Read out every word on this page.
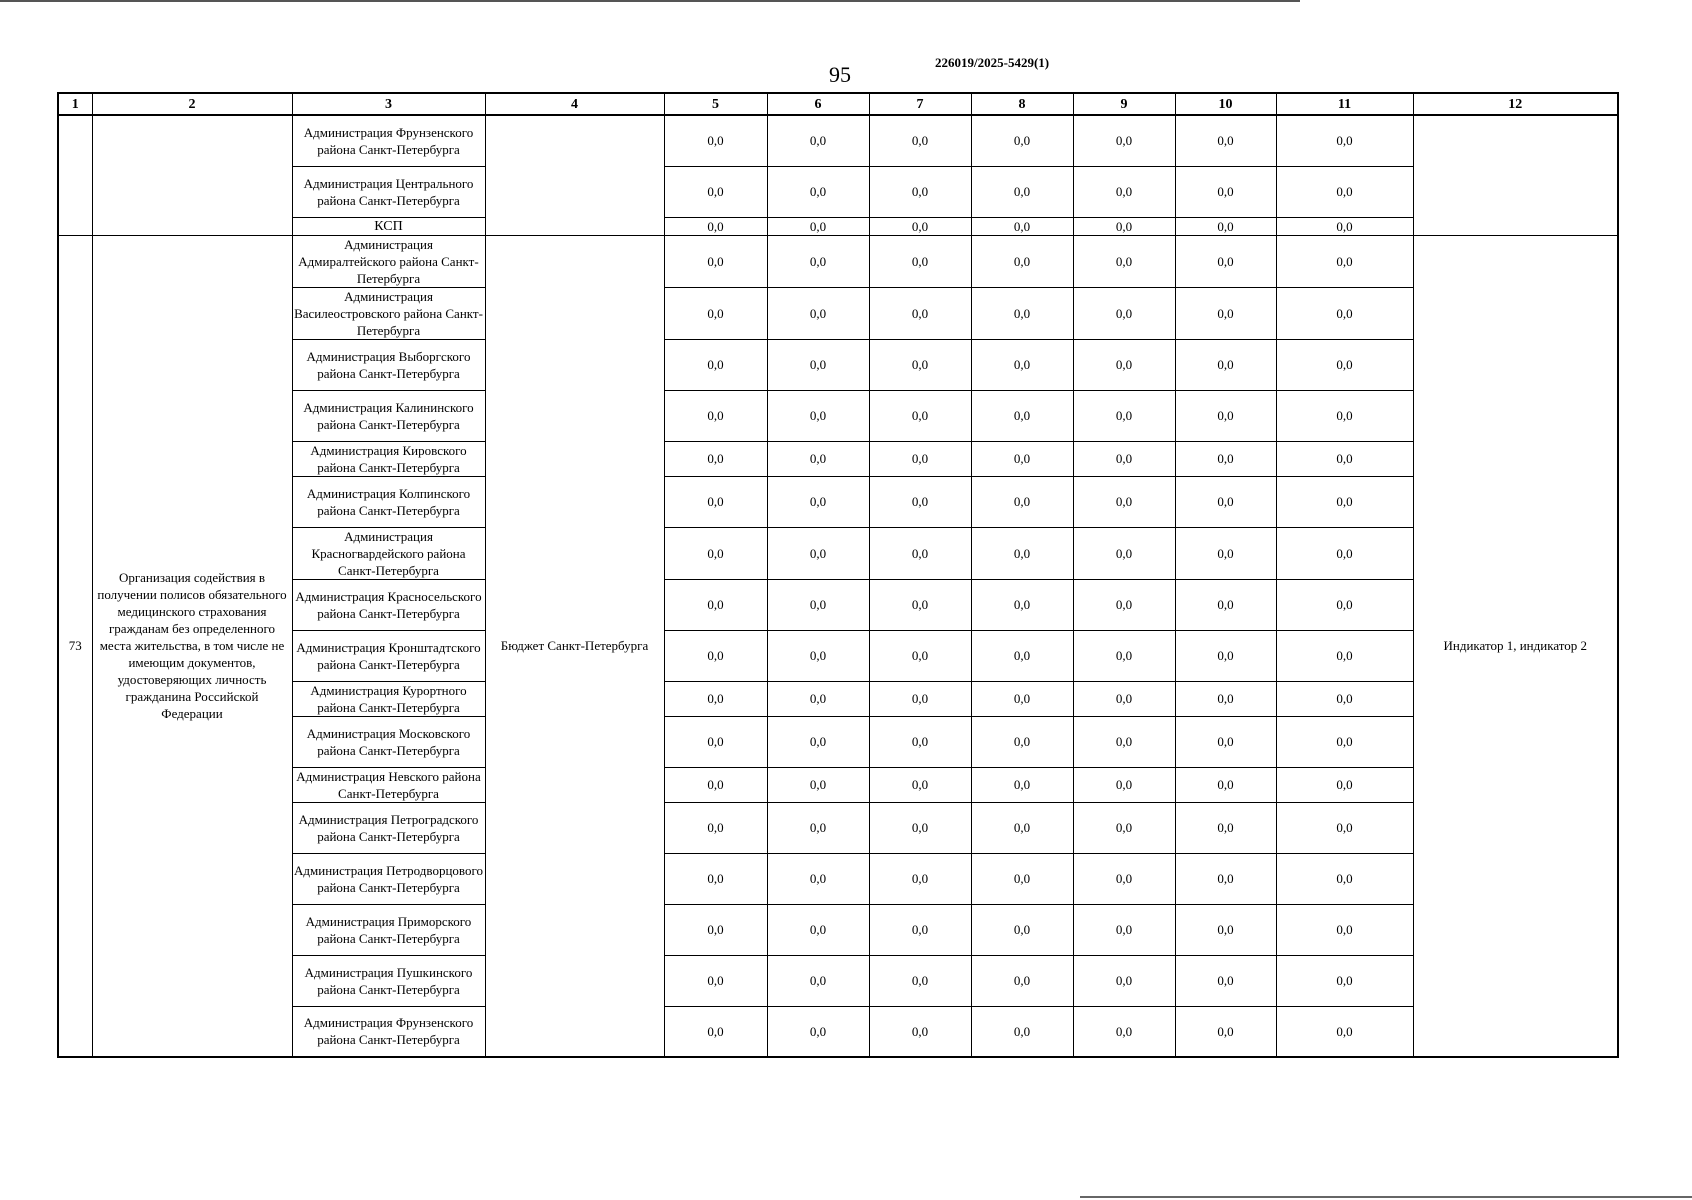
95	226019/2025-5429(1)
1	2	3	4	5	6	7	8	9	10	11	12
		Администрация Фрунзенского района Санкт-Петербурга		0,0	0,0	0,0	0,0	0,0	0,0	0,0	
		Администрация Центрального района Санкт-Петербурга		0,0	0,0	0,0	0,0	0,0	0,0	0,0	
		КСП		0,0	0,0	0,0	0,0	0,0	0,0	0,0	
73	Организация содействия в получении полисов обязательного медицинского страхования гражданам без определенного места жительства, в том числе не имеющим документов, удостоверяющих личность гражданина Российской Федерации	Администрация Адмиралтейского района Санкт-Петербурга	Бюджет Санкт-Петербурга	0,0	0,0	0,0	0,0	0,0	0,0	0,0	Индикатор 1, индикатор 2
		Администрация Василеостровского района Санкт-Петербурга		0,0	0,0	0,0	0,0	0,0	0,0	0,0	
		Администрация Выборгского района Санкт-Петербурга		0,0	0,0	0,0	0,0	0,0	0,0	0,0	
		Администрация Калининского района Санкт-Петербурга		0,0	0,0	0,0	0,0	0,0	0,0	0,0	
		Администрация Кировского района Санкт-Петербурга		0,0	0,0	0,0	0,0	0,0	0,0	0,0	
		Администрация Колпинского района Санкт-Петербурга		0,0	0,0	0,0	0,0	0,0	0,0	0,0	
		Администрация Красногвардейского района Санкт-Петербурга		0,0	0,0	0,0	0,0	0,0	0,0	0,0	
		Администрация Красносельского района Санкт-Петербурга		0,0	0,0	0,0	0,0	0,0	0,0	0,0	
		Администрация Кронштадтского района Санкт-Петербурга		0,0	0,0	0,0	0,0	0,0	0,0	0,0	
		Администрация Курортного района Санкт-Петербурга		0,0	0,0	0,0	0,0	0,0	0,0	0,0	
		Администрация Московского района Санкт-Петербурга		0,0	0,0	0,0	0,0	0,0	0,0	0,0	
		Администрация Невского района Санкт-Петербурга		0,0	0,0	0,0	0,0	0,0	0,0	0,0	
		Администрация Петроградского района Санкт-Петербурга		0,0	0,0	0,0	0,0	0,0	0,0	0,0	
		Администрация Петродворцового района Санкт-Петербурга		0,0	0,0	0,0	0,0	0,0	0,0	0,0	
		Администрация Приморского района Санкт-Петербурга		0,0	0,0	0,0	0,0	0,0	0,0	0,0	
		Администрация Пушкинского района Санкт-Петербурга		0,0	0,0	0,0	0,0	0,0	0,0	0,0	
		Администрация Фрунзенского района Санкт-Петербурга		0,0	0,0	0,0	0,0	0,0	0,0	0,0	
